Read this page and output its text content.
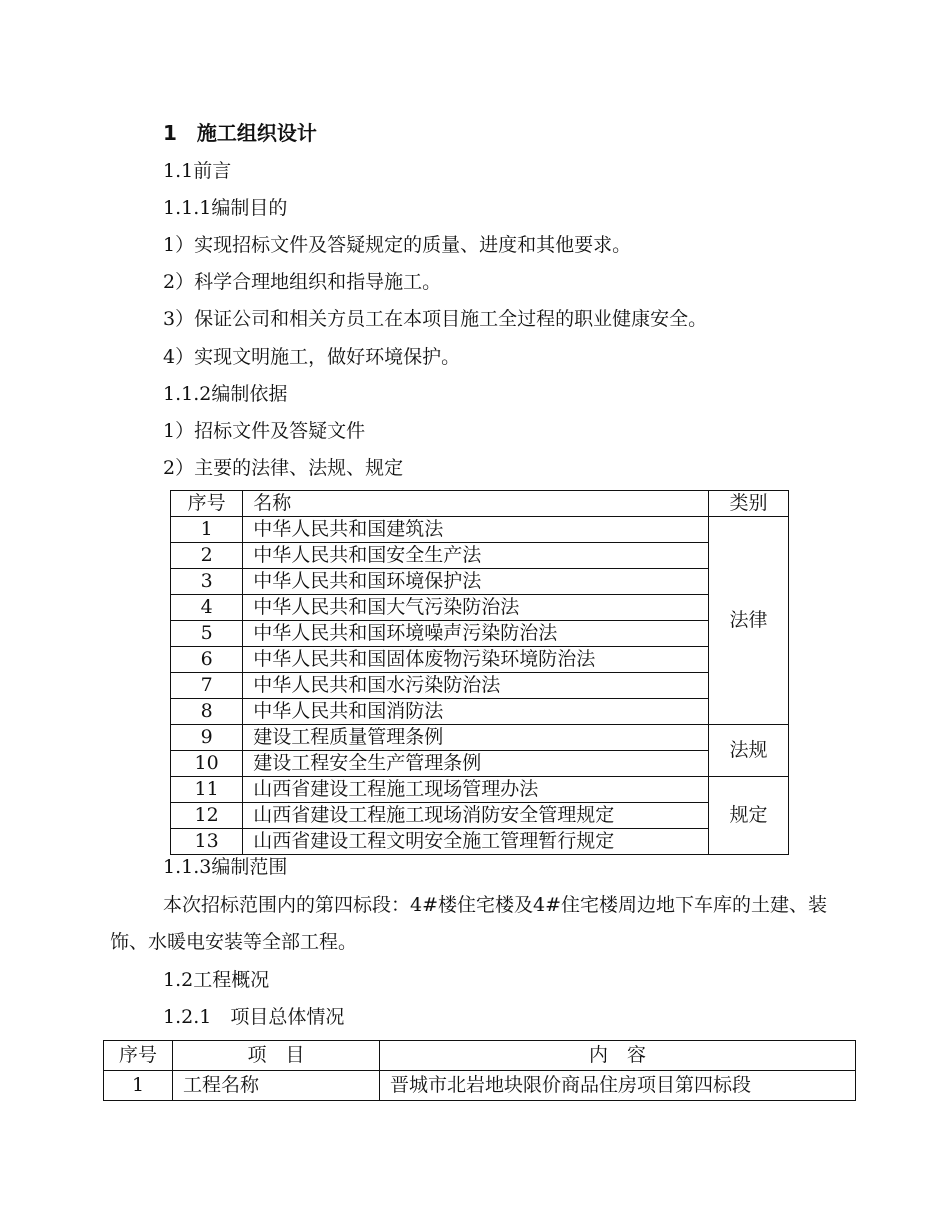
1　施工组织设计
1.1前言
1.1.1编制目的
1）实现招标文件及答疑规定的质量、进度和其他要求。
2）科学合理地组织和指导施工。
3）保证公司和相关方员工在本项目施工全过程的职业健康安全。
4）实现文明施工，做好环境保护。
1.1.2编制依据
1）招标文件及答疑文件
2）主要的法律、法规、规定
序号	名称	类别
1	中华人民共和国建筑法	法律
2	中华人民共和国安全生产法	
3	中华人民共和国环境保护法	
4	中华人民共和国大气污染防治法	
5	中华人民共和国环境噪声污染防治法	
6	中华人民共和国固体废物污染环境防治法	
7	中华人民共和国水污染防治法	
8	中华人民共和国消防法	
9	建设工程质量管理条例	法规
10	建设工程安全生产管理条例	
11	山西省建设工程施工现场管理办法	规定
12	山西省建设工程施工现场消防安全管理规定	
13	山西省建设工程文明安全施工管理暂行规定	
1.1.3编制范围
本次招标范围内的第四标段：4#楼住宅楼及4#住宅楼周边地下车库的土建、装饰、水暖电安装等全部工程。
1.2工程概况
1.2.1　项目总体情况
序号	项　目	内　容
1	工程名称	晋城市北岩地块限价商品住房项目第四标段
